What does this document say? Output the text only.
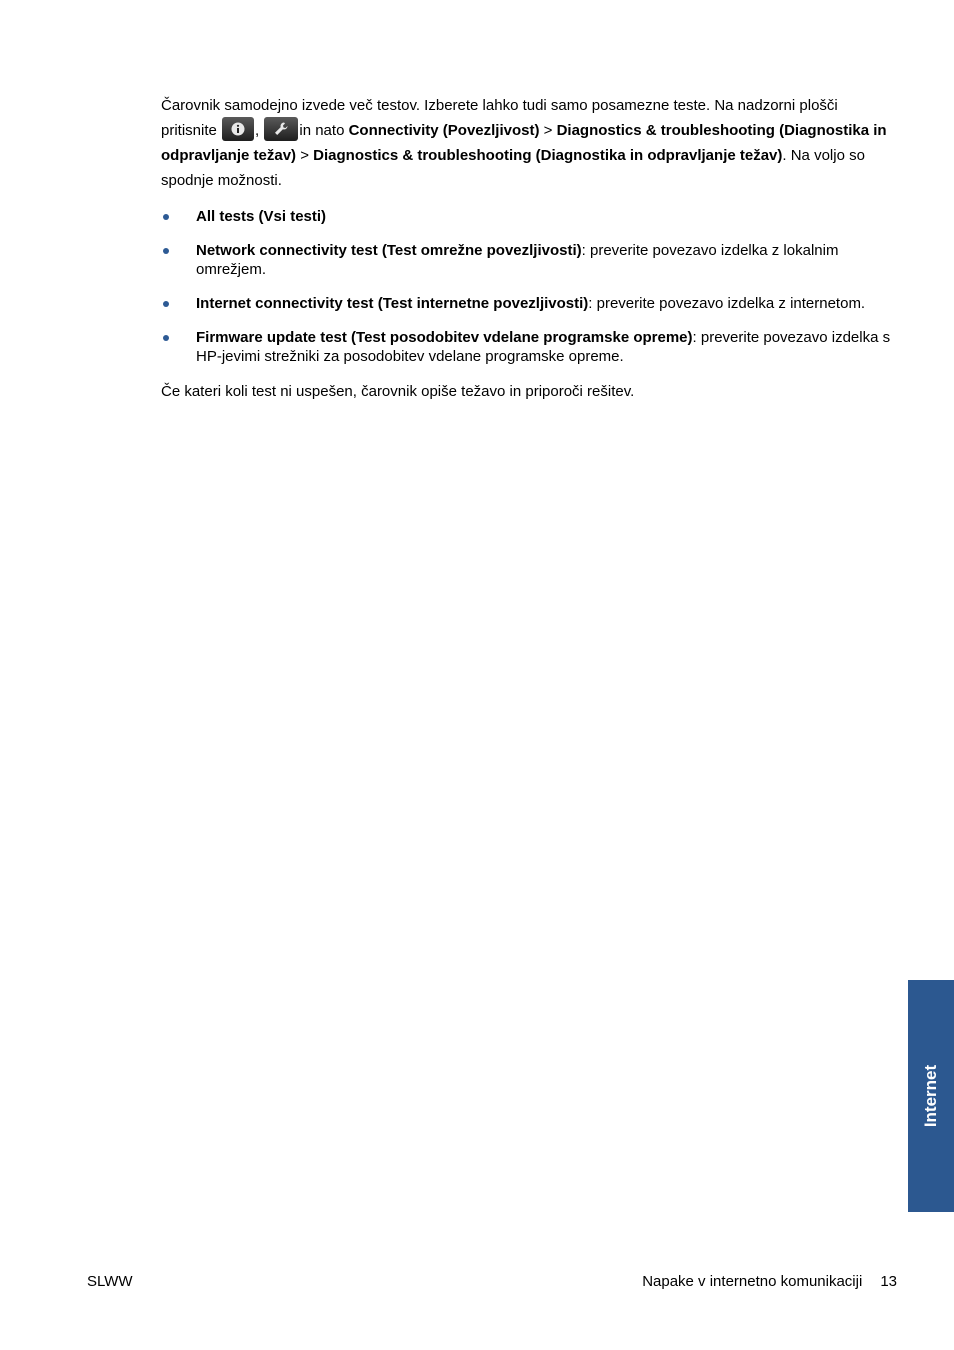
Čarovnik samodejno izvede več testov. Izberete lahko tudi samo posamezne teste. Na nadzorni plošči
pritisnite	,	in nato Connectivity (Povezljivost) > Diagnostics & troubleshooting (Diagnostika in odpravljanje težav) > Diagnostics & troubleshooting (Diagnostika in odpravljanje težav). Na voljo so spodnje možnosti.

All tests (Vsi testi)
Network connectivity test (Test omrežne povezljivosti): preverite povezavo izdelka z lokalnim omrežjem.
Internet connectivity test (Test internetne povezljivosti): preverite povezavo izdelka z internetom.
Firmware update test (Test posodobitev vdelane programske opreme): preverite povezavo izdelka s HP-jevimi strežniki za posodobitev vdelane programske opreme.

Če kateri koli test ni uspešen, čarovnik opiše težavo in priporoči rešitev.

Internet
SLWW	Napake v internetno komunikaciji 13
